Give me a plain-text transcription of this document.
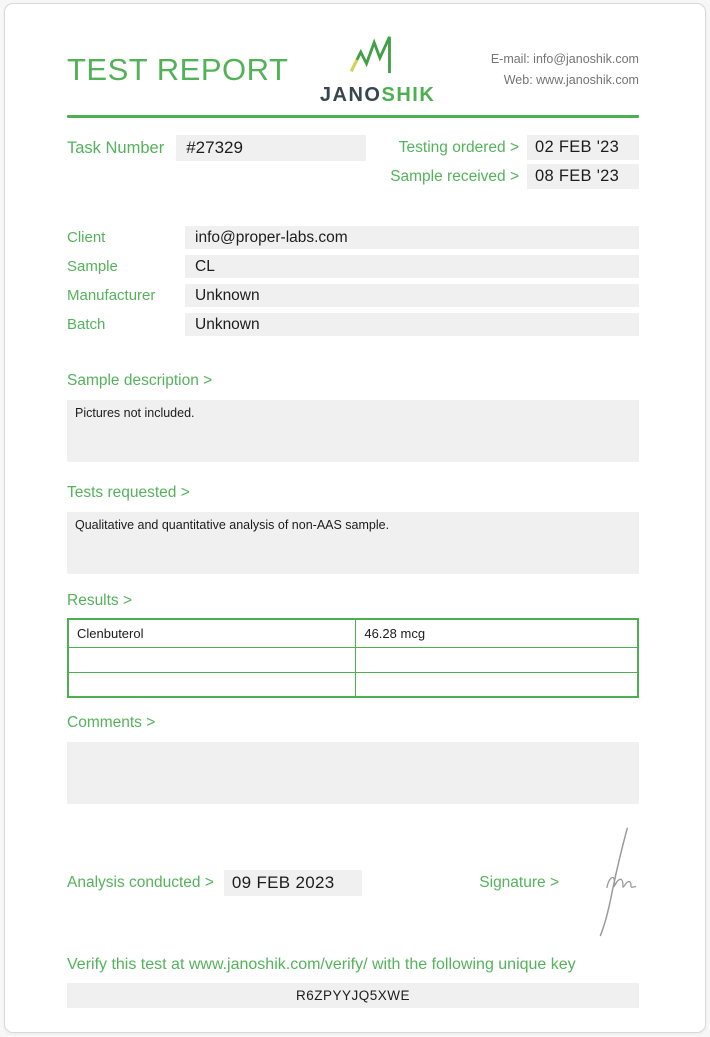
TEST REPORT
JANOSHIK
E-mail: info@janoshik.com
Web: www.janoshik.com
Task Number	#27329	Testing ordered > 02 FEB '23
Sample received > 08 FEB '23
Client	info@proper-labs.com
Sample	CL
Manufacturer	Unknown
Batch	Unknown
Sample description >
Pictures not included.
Tests requested >
Qualitative and quantitative analysis of non-AAS sample.
Results >
Clenbuterol	46.28 mcg

Comments >
Analysis conducted >	09 FEB 2023	Signature >
Verify this test at www.janoshik.com/verify/ with the following unique key
R6ZPYYJQ5XWE
